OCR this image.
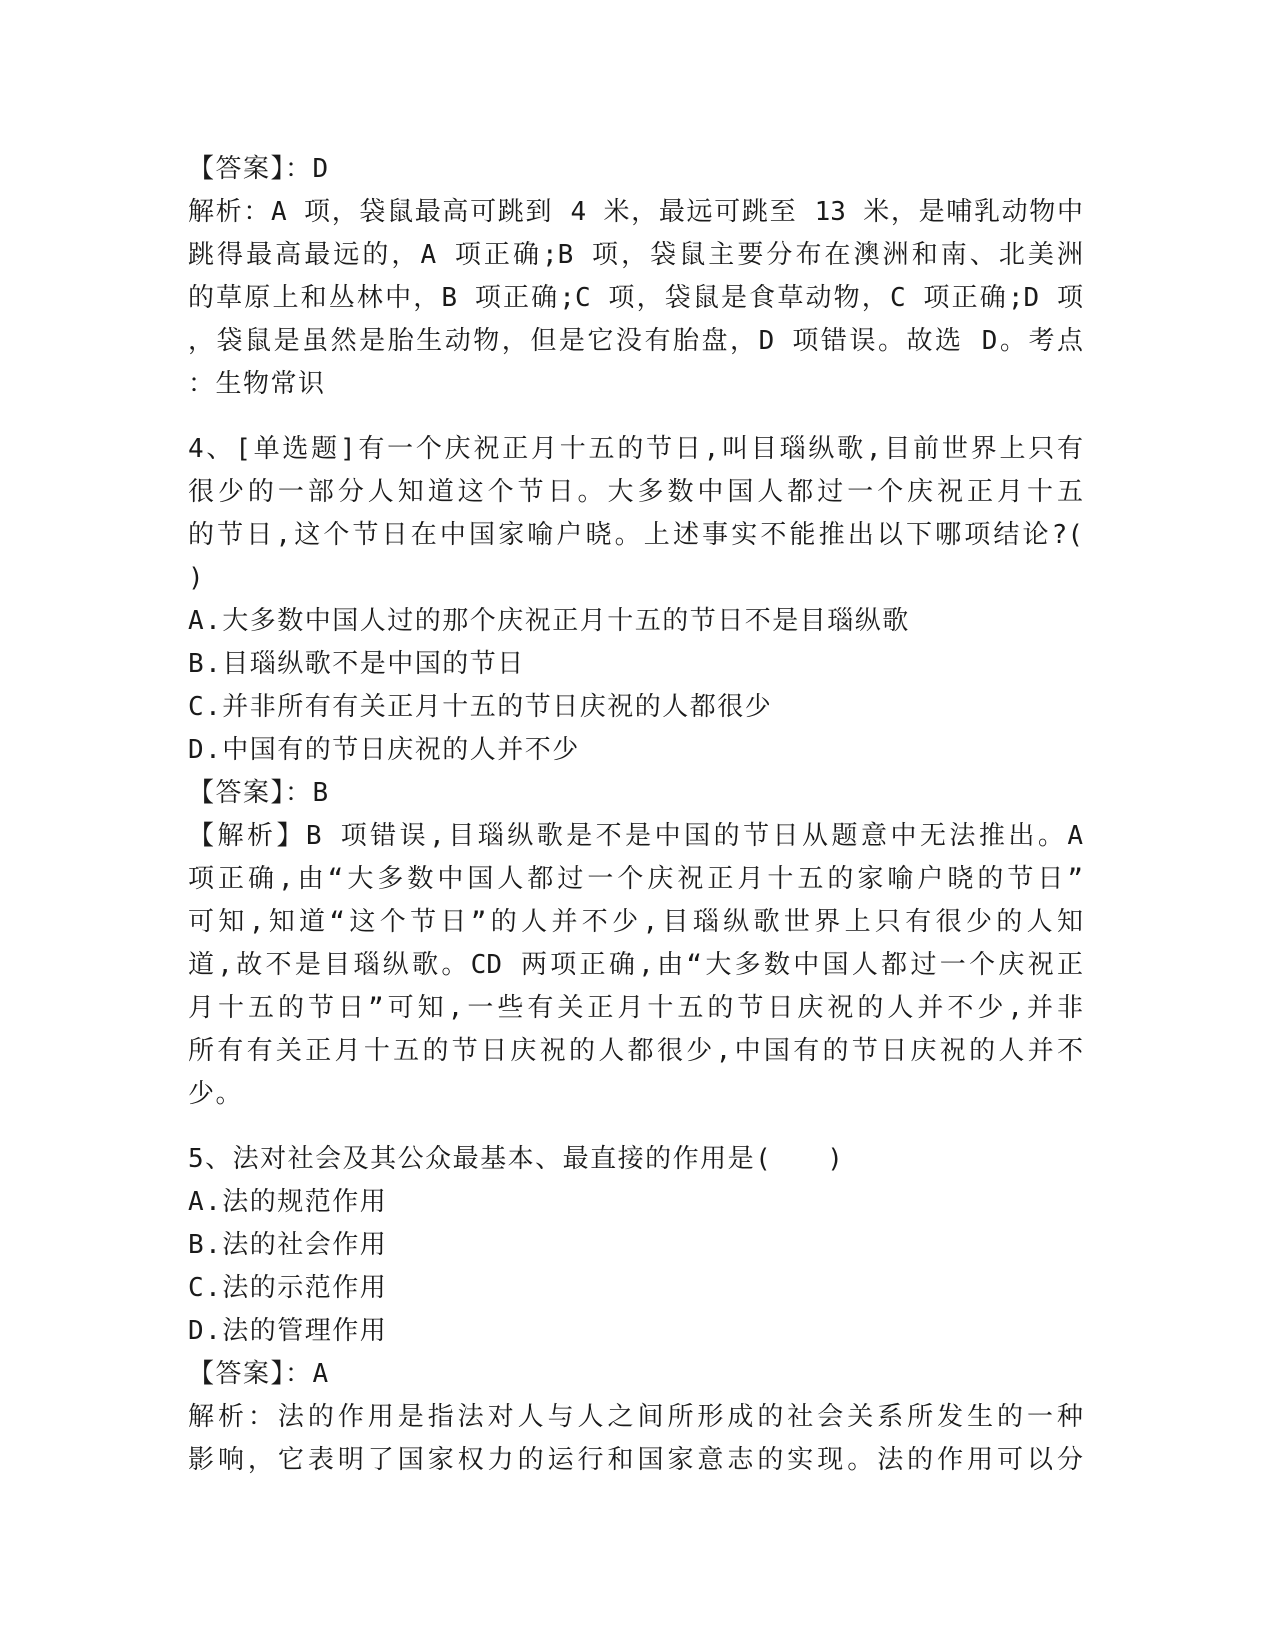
【答案】：D
解析：A 项，袋鼠最高可跳到 4 米，最远可跳至 13 米，是哺乳动物中
跳得最高最远的，A 项正确;B 项，袋鼠主要分布在澳洲和南、北美洲
的草原上和丛林中，B 项正确;C 项，袋鼠是食草动物，C 项正确;D 项
，袋鼠是虽然是胎生动物，但是它没有胎盘，D 项错误。故选 D。考点
：生物常识
4、[单选题]有一个庆祝正月十五的节日,叫目瑙纵歌,目前世界上只有
很少的一部分人知道这个节日。大多数中国人都过一个庆祝正月十五
的节日,这个节日在中国家喻户晓。上述事实不能推出以下哪项结论?(
)
A.大多数中国人过的那个庆祝正月十五的节日不是目瑙纵歌
B.目瑙纵歌不是中国的节日
C.并非所有有关正月十五的节日庆祝的人都很少
D.中国有的节日庆祝的人并不少
【答案】：B
【解析】B 项错误,目瑙纵歌是不是中国的节日从题意中无法推出。A
项正确,由“大多数中国人都过一个庆祝正月十五的家喻户晓的节日”
可知,知道“这个节日”的人并不少,目瑙纵歌世界上只有很少的人知
道,故不是目瑙纵歌。CD 两项正确,由“大多数中国人都过一个庆祝正
月十五的节日”可知,一些有关正月十五的节日庆祝的人并不少,并非
所有有关正月十五的节日庆祝的人都很少,中国有的节日庆祝的人并不
少。
5、法对社会及其公众最基本、最直接的作用是(　　)
A.法的规范作用
B.法的社会作用
C.法的示范作用
D.法的管理作用
【答案】：A
解析：法的作用是指法对人与人之间所形成的社会关系所发生的一种
影响，它表明了国家权力的运行和国家意志的实现。法的作用可以分
